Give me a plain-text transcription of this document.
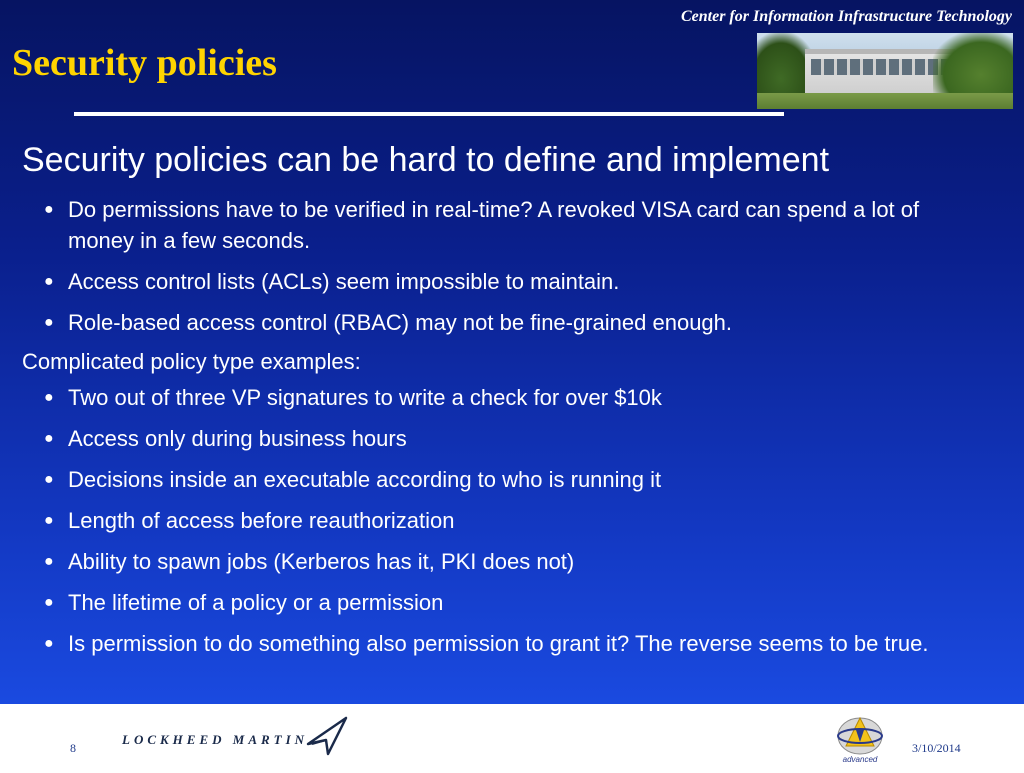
Center for Information Infrastructure Technology
Security policies
Security policies can be hard to define and implement
● Do permissions have to be verified in real-time? A revoked VISA card can spend a lot of money in a few seconds.
● Access control lists (ACLs) seem impossible to maintain.
● Role-based access control (RBAC) may not be fine-grained enough.
Complicated policy type examples:
● Two out of three VP signatures to write a check for over $10k
● Access only during business hours
● Decisions inside an executable according to who is running it
● Length of access before reauthorization
● Ability to spawn jobs (Kerberos has it, PKI does not)
● The lifetime of a policy or a permission
● Is permission to do something also permission to grant it? The reverse seems to be true.
8
LOCKHEED MARTIN
advanced
3/10/2014
